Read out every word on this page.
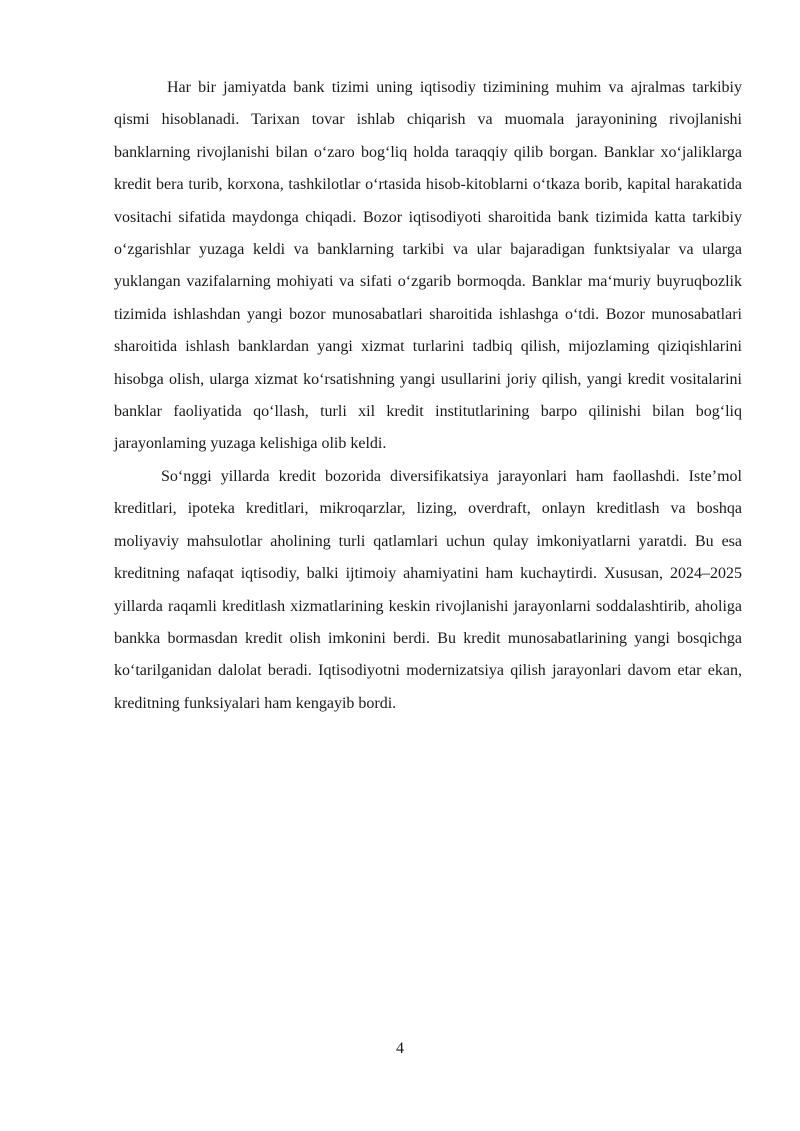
Har bir jamiyatda bank tizimi uning iqtisodiy tizimining muhim va ajralmas tarkibiy qismi hisoblanadi. Tarixan tovar ishlab chiqarish va muomala jarayonining rivojlanishi banklarning rivojlanishi bilan o‘zaro bog‘liq holda taraqqiy qilib borgan. Banklar xo‘jaliklarga kredit bera turib, korxona, tashkilotlar o‘rtasida hisob-kitoblarni o‘tkaza borib, kapital harakatida vositachi sifatida maydonga chiqadi. Bozor iqtisodiyoti sharoitida bank tizimida katta tarkibiy o‘zgarishlar yuzaga keldi va banklarning tarkibi va ular bajaradigan funktsiyalar va ularga yuklangan vazifalarning mohiyati va sifati o‘zgarib bormoqda. Banklar ma‘muriy buyruqbozlik tizimida ishlashdan yangi bozor munosabatlari sharoitida ishlashga o‘tdi. Bozor munosabatlari sharoitida ishlash banklardan yangi xizmat turlarini tadbiq qilish, mijozlaming qiziqishlarini hisobga olish, ularga xizmat ko‘rsatishning yangi usullarini joriy qilish, yangi kredit vositalarini banklar faoliyatida qo‘llash, turli xil kredit institutlarining barpo qilinishi bilan bog‘liq jarayonlaming yuzaga kelishiga olib keldi.

So‘nggi yillarda kredit bozorida diversifikatsiya jarayonlari ham faollashdi. Iste’mol kreditlari, ipoteka kreditlari, mikroqarzlar, lizing, overdraft, onlayn kreditlash va boshqa moliyaviy mahsulotlar aholining turli qatlamlari uchun qulay imkoniyatlarni yaratdi. Bu esa kreditning nafaqat iqtisodiy, balki ijtimoiy ahamiyatini ham kuchaytirdi. Xususan, 2024–2025 yillarda raqamli kreditlash xizmatlarining keskin rivojlanishi jarayonlarni soddalashtirib, aholiga bankka bormasdan kredit olish imkonini berdi. Bu kredit munosabatlarining yangi bosqichga ko‘tarilganidan dalolat beradi. Iqtisodiyotni modernizatsiya qilish jarayonlari davom etar ekan, kreditning funksiyalari ham kengayib bordi.

4
